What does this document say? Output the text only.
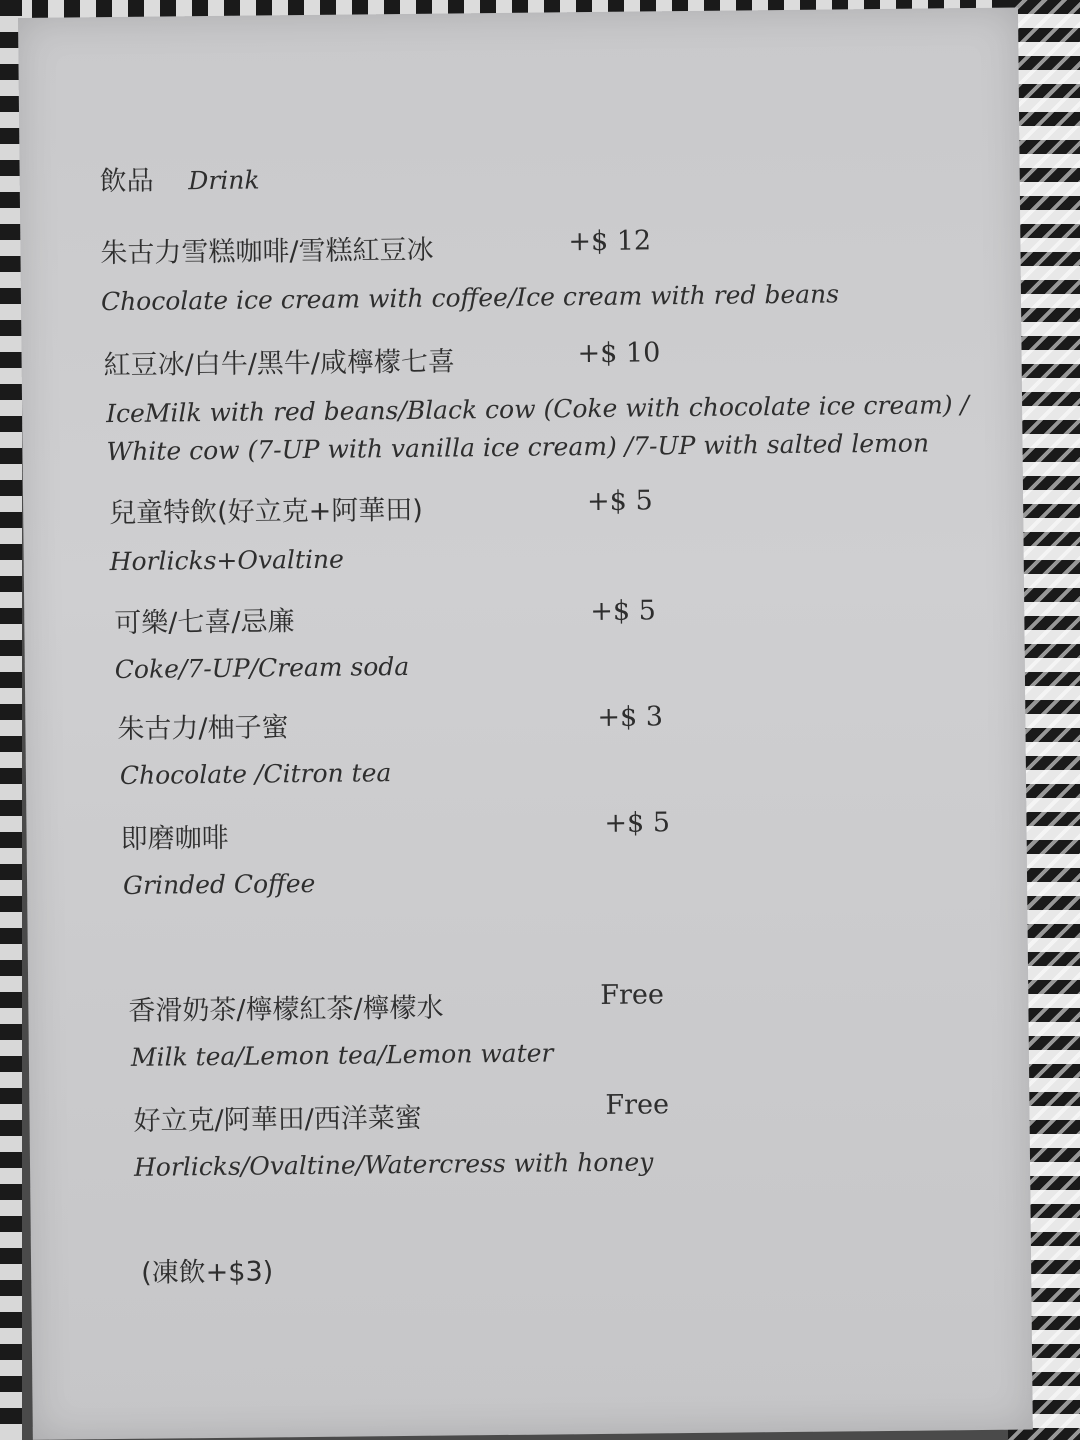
飲品 Drink
朱古力雪糕咖啡/雪糕紅豆冰	+$ 12
Chocolate ice cream with coffee/Ice cream with red beans
紅豆冰/白牛/黑牛/咸檸檬七喜	+$ 10
IceMilk with red beans/Black cow (Coke with chocolate ice cream) /
White cow (7-UP with vanilla ice cream) /7-UP with salted lemon
兒童特飲(好立克+阿華田)	+$ 5
Horlicks+Ovaltine
可樂/七喜/忌廉	+$ 5
Coke/7-UP/Cream soda
朱古力/柚子蜜	+$ 3
Chocolate /Citron tea
即磨咖啡	+$ 5
Grinded Coffee
香滑奶茶/檸檬紅茶/檸檬水	Free
Milk tea/Lemon tea/Lemon water
好立克/阿華田/西洋菜蜜	Free
Horlicks/Ovaltine/Watercress with honey
(凍飲+$3)
